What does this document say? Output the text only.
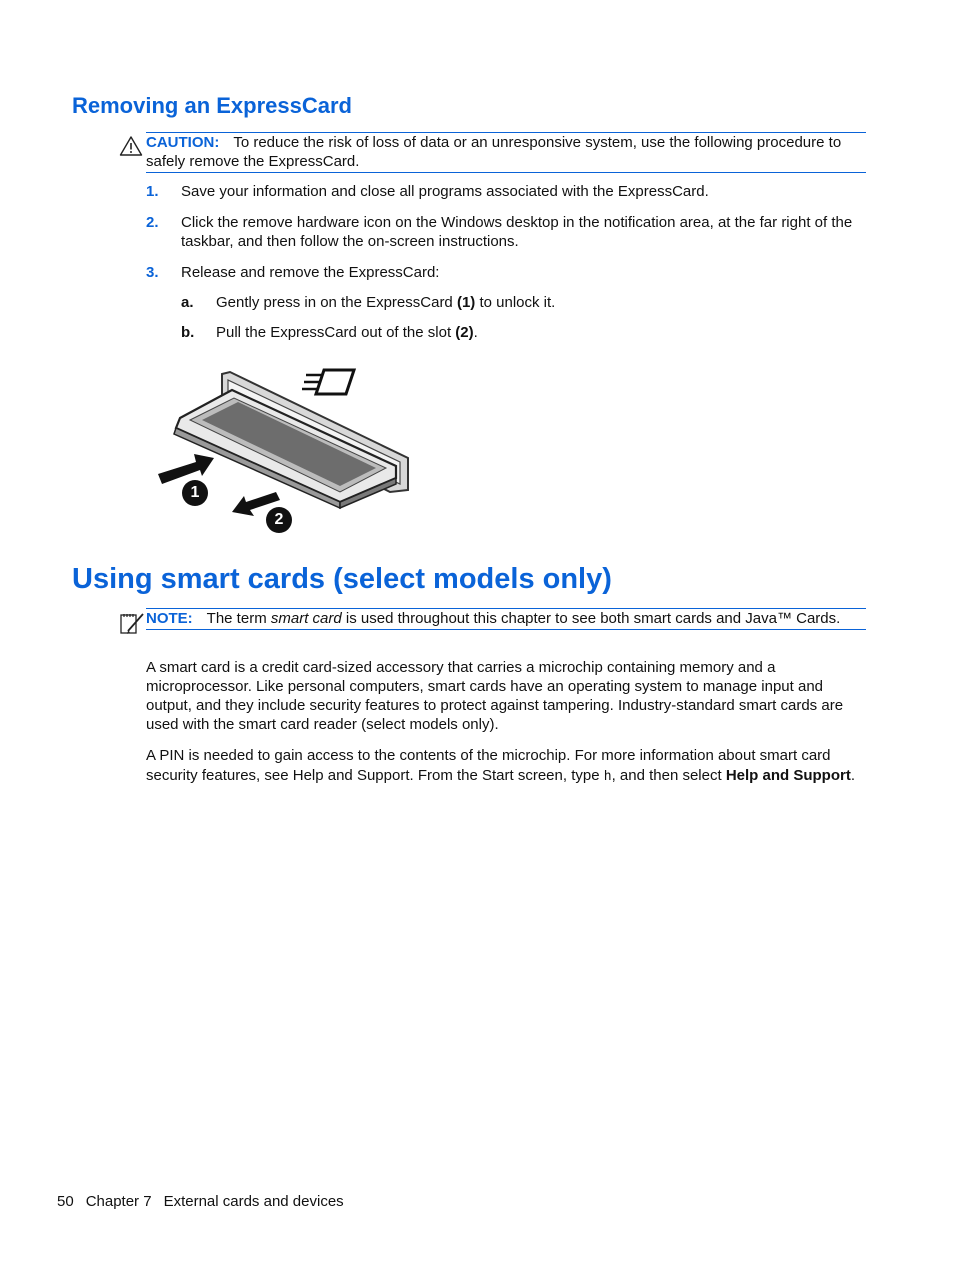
Removing an ExpressCard
CAUTION: To reduce the risk of loss of data or an unresponsive system, use the following procedure to safely remove the ExpressCard.
1.	Save your information and close all programs associated with the ExpressCard.
2.	Click the remove hardware icon on the Windows desktop in the notification area, at the far right of the taskbar, and then follow the on-screen instructions.
3.	Release and remove the ExpressCard:
a. Gently press in on the ExpressCard (1) to unlock it.
b. Pull the ExpressCard out of the slot (2).
1
2
Using smart cards (select models only)
NOTE: The term smart card is used throughout this chapter to see both smart cards and Java™ Cards.

A smart card is a credit card-sized accessory that carries a microchip containing memory and a microprocessor. Like personal computers, smart cards have an operating system to manage input and output, and they include security features to protect against tampering. Industry-standard smart cards are used with the smart card reader (select models only).

A PIN is needed to gain access to the contents of the microchip. For more information about smart card security features, see Help and Support. From the Start screen, type h, and then select Help and Support.

50 Chapter 7 External cards and devices
